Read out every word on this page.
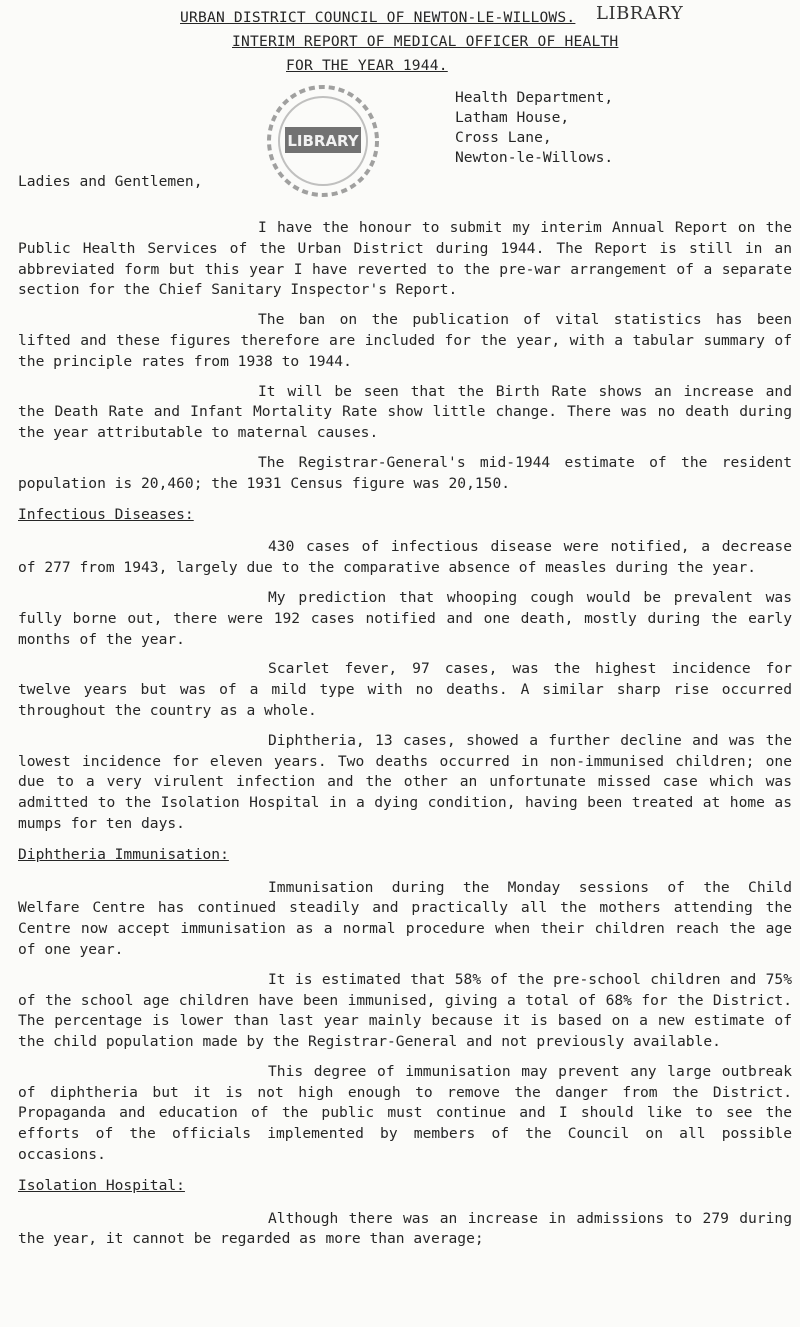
URBAN DISTRICT COUNCIL OF NEWTON-LE-WILLOWS. LIBRARY
INTERIM REPORT OF MEDICAL OFFICER OF HEALTH
FOR THE YEAR 1944.
LIBRARY
Health Department,
Latham House,
Cross Lane,
Newton-le-Willows.
Ladies and Gentlemen,

I have the honour to submit my interim Annual Report on the Public Health Services of the Urban District during 1944. The Report is still in an abbreviated form but this year I have reverted to the pre-war arrangement of a separate section for the Chief Sanitary Inspector's Report.

The ban on the publication of vital statistics has been lifted and these figures therefore are included for the year, with a tabular summary of the principle rates from 1938 to 1944.

It will be seen that the Birth Rate shows an increase and the Death Rate and Infant Mortality Rate show little change. There was no death during the year attributable to maternal causes.

The Registrar-General's mid-1944 estimate of the resident population is 20,460; the 1931 Census figure was 20,150.

Infectious Diseases:

430 cases of infectious disease were notified, a decrease of 277 from 1943, largely due to the comparative absence of measles during the year.

My prediction that whooping cough would be prevalent was fully borne out, there were 192 cases notified and one death, mostly during the early months of the year.

Scarlet fever, 97 cases, was the highest incidence for twelve years but was of a mild type with no deaths. A similar sharp rise occurred throughout the country as a whole.

Diphtheria, 13 cases, showed a further decline and was the lowest incidence for eleven years. Two deaths occurred in non-immunised children; one due to a very virulent infection and the other an unfortunate missed case which was admitted to the Isolation Hospital in a dying condition, having been treated at home as mumps for ten days.

Diphtheria Immunisation:

Immunisation during the Monday sessions of the Child Welfare Centre has continued steadily and practically all the mothers attending the Centre now accept immunisation as a normal procedure when their children reach the age of one year.

It is estimated that 58% of the pre-school children and 75% of the school age children have been immunised, giving a total of 68% for the District. The percentage is lower than last year mainly because it is based on a new estimate of the child population made by the Registrar-General and not previously available.

This degree of immunisation may prevent any large outbreak of diphtheria but it is not high enough to remove the danger from the District. Propaganda and education of the public must continue and I should like to see the efforts of the officials implemented by members of the Council on all possible occasions.

Isolation Hospital:

Although there was an increase in admissions to 279 during the year, it cannot be regarded as more than average;
